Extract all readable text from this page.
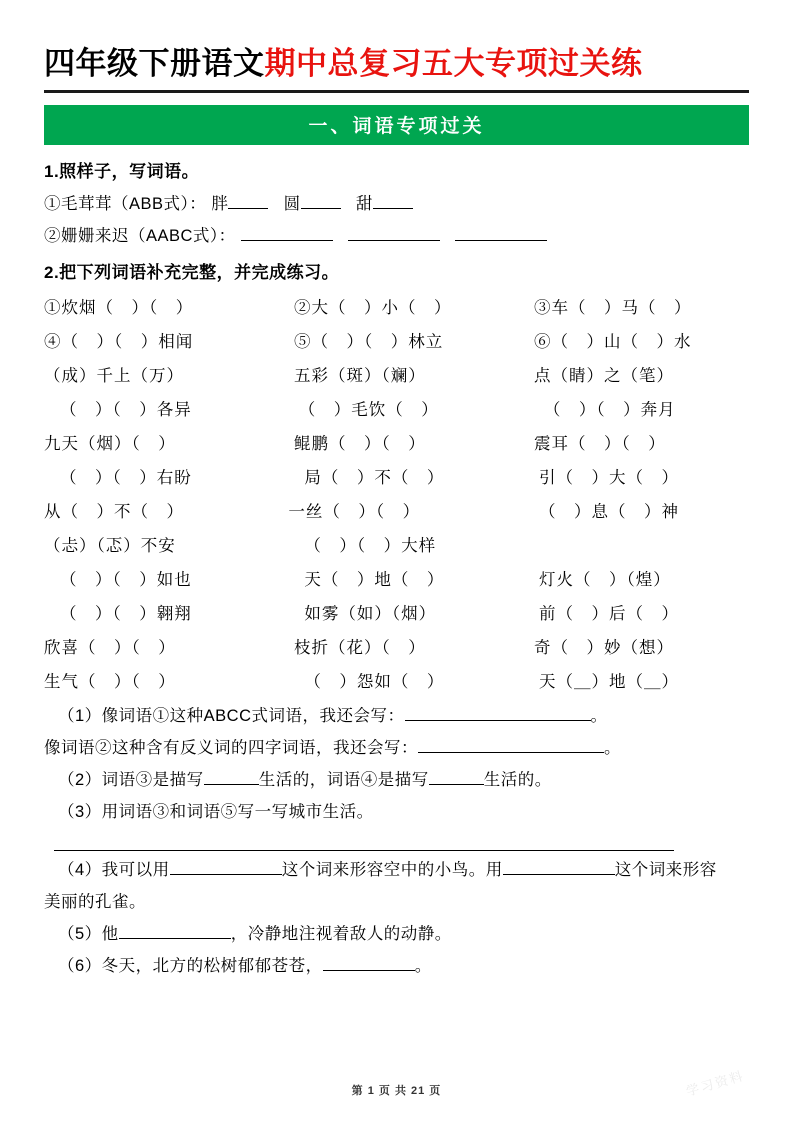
四年级下册语文 期中总复习五大专项过关练
一、词语专项过关
1.照样子，写词语。
①毛茸茸（ABB式）： 胖	圆	甜
②姗姗来迟（AABC式）：
2.把下列词语补充完整，并完成练习。
①炊烟（　）（　）	②大（　）小（　）	③车（　）马（　）
④（　）（　）相闻	⑤（　）（　）林立	⑥（　）山（　）水
（成）千上（万）	五彩（斑）（斓）	点（睛）之（笔）
（　）（　）各异	（　）毛饮（　）	（　）（　）奔月
九天（烟）（　）	鲲鹏（　）（　）	震耳（　）（　）
（　）（　）右盼	局（　）不（　）	引（　）大（　）
从（　）不（　）	一丝（　）（　）	（　）息（　）神
（忐）（忑）不安	（　）（　）大样
（　）（　）如也	天（　）地（　）	灯火（　）（煌）
（　）（　）翱翔	如雾（如）（烟）	前（　）后（　）
欣喜（　）（　）	枝折（花）（　）	奇（　）妙（想）
生气（　）（　）	（　）怨如（　）	天（＿）地（＿）
（1）像词语①这种ABCC式词语，我还会写：	。
像词语②这种含有反义词的四字词语，我还会写：	。
（2）词语③是描写	生活的，词语④是描写	生活的。
（3）用词语③和词语⑤写一写城市生活。
（4）我可以用	这个词来形容空中的小鸟。用	这个词来形容
美丽的孔雀。
（5）他	，冷静地注视着敌人的动静。
（6）冬天，北方的松树郁郁苍苍，	。
学习资料
第 1 页 共 21 页
